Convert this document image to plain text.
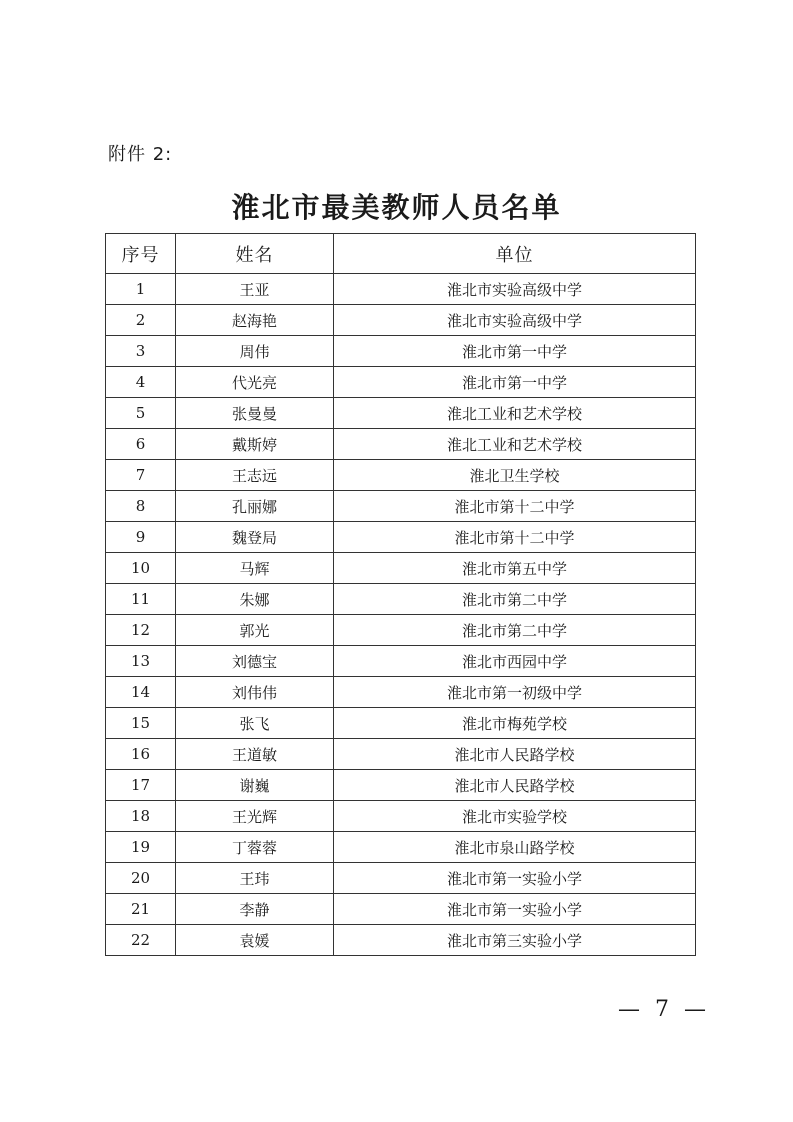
附件 2:
淮北市最美教师人员名单
序号	姓名	单位
1	王亚	淮北市实验高级中学
2	赵海艳	淮北市实验高级中学
3	周伟	淮北市第一中学
4	代光亮	淮北市第一中学
5	张曼曼	淮北工业和艺术学校
6	戴斯婷	淮北工业和艺术学校
7	王志远	淮北卫生学校
8	孔丽娜	淮北市第十二中学
9	魏登局	淮北市第十二中学
10	马辉	淮北市第五中学
11	朱娜	淮北市第二中学
12	郭光	淮北市第二中学
13	刘德宝	淮北市西园中学
14	刘伟伟	淮北市第一初级中学
15	张飞	淮北市梅苑学校
16	王道敏	淮北市人民路学校
17	谢巍	淮北市人民路学校
18	王光辉	淮北市实验学校
19	丁蓉蓉	淮北市泉山路学校
20	王玮	淮北市第一实验小学
21	李静	淮北市第一实验小学
22	袁媛	淮北市第三实验小学
— 7 —
